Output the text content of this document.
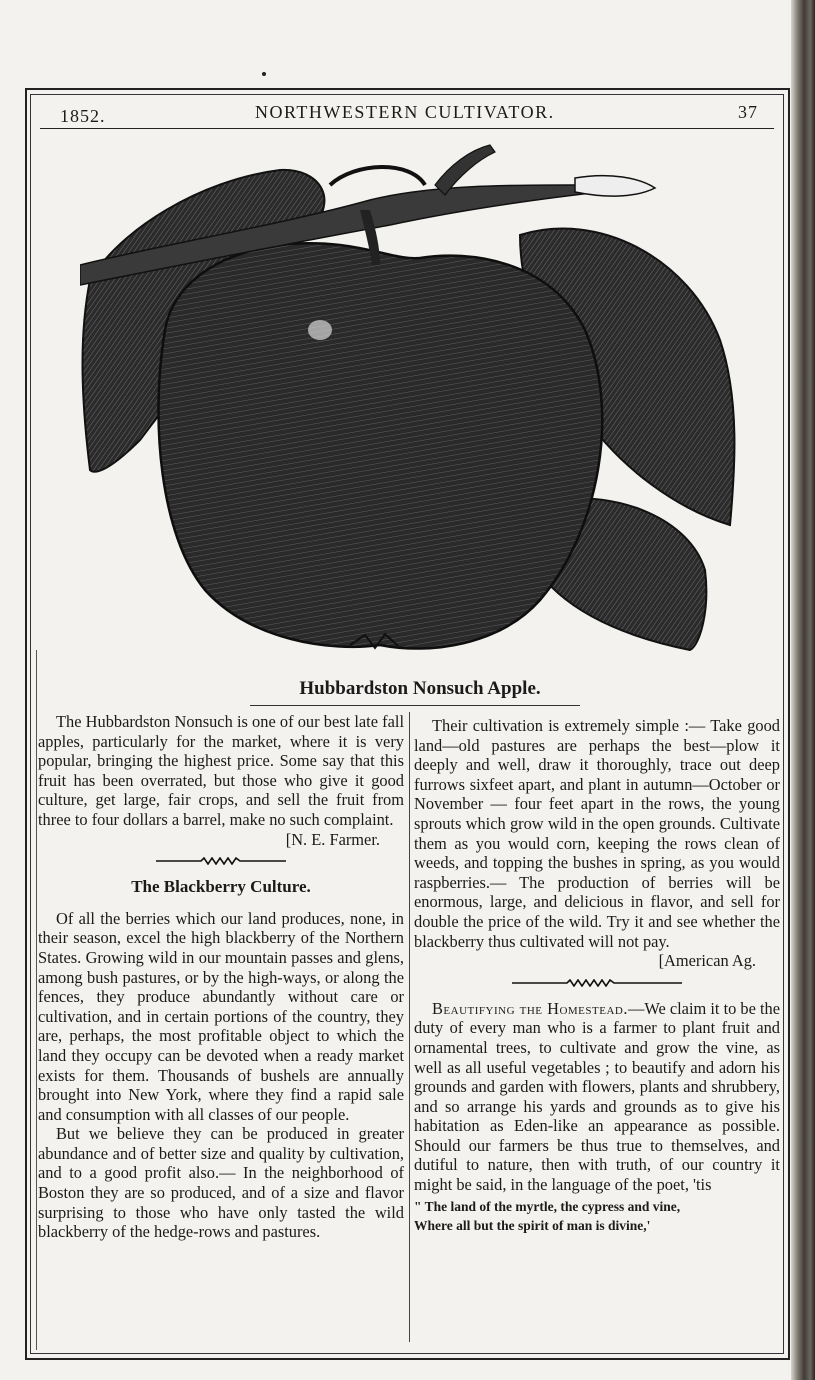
1852.	NORTHWESTERN CULTIVATOR.	37
Hubbardston Nonsuch Apple.

The Hubbardston Nonsuch is one of our best late fall apples, particularly for the market, where it is very popular, bringing the highest price. Some say that this fruit has been overrated, but those who give it good culture, get large, fair crops, and sell the fruit from three to four dollars a barrel, make no such complaint.

[N. E. Farmer.
The Blackberry Culture.

Of all the berries which our land produces, none, in their season, excel the high blackberry of the Northern States. Growing wild in our mountain passes and glens, among bush pastures, or by the high-ways, or along the fences, they produce abundantly without care or cultivation, and in certain portions of the country, they are, perhaps, the most profitable object to which the land they occupy can be devoted when a ready market exists for them. Thousands of bushels are annually brought into New York, where they find a rapid sale and consumption with all classes of our people.

But we believe they can be produced in greater abundance and of better size and quality by cultivation, and to a good profit also.— In the neighborhood of Boston they are so produced, and of a size and flavor surprising to those who have only tasted the wild blackberry of the hedge-rows and pastures.

Their cultivation is extremely simple :— Take good land—old pastures are perhaps the best—plow it deeply and well, draw it thoroughly, trace out deep furrows sixfeet apart, and plant in autumn—October or November — four feet apart in the rows, the young sprouts which grow wild in the open grounds. Cultivate them as you would corn, keeping the rows clean of weeds, and topping the bushes in spring, as you would raspberries.— The production of berries will be enormous, large, and delicious in flavor, and sell for double the price of the wild. Try it and see whether the blackberry thus cultivated will not pay.

[American Ag.

Beautifying the Homestead.—We claim it to be the duty of every man who is a farmer to plant fruit and ornamental trees, to cultivate and grow the vine, as well as all useful vegetables ; to beautify and adorn his grounds and garden with flowers, plants and shrubbery, and so arrange his yards and grounds as to give his habitation as Eden-like an appearance as possible. Should our farmers be thus true to themselves, and dutiful to nature, then with truth, of our country it might be said, in the language of the poet, 'tis

" The land of the myrtle, the cypress and vine,
Where all but the spirit of man is divine,'
